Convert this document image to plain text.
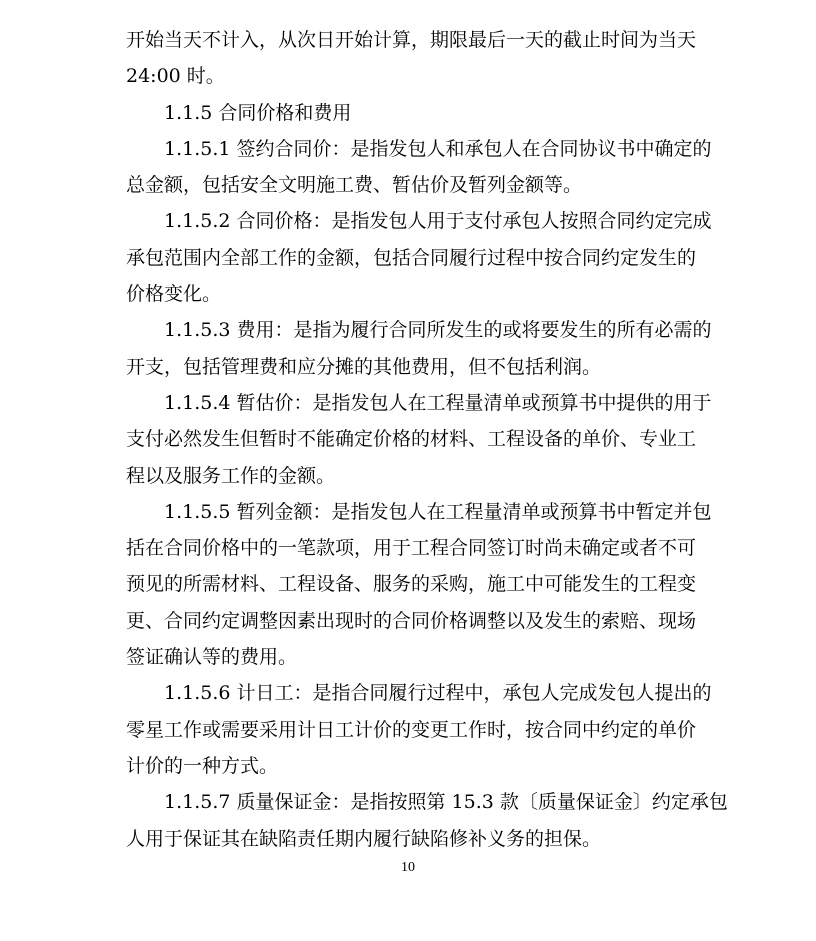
开始当天不计入，从次日开始计算，期限最后一天的截止时间为当天
24:00 时。
1.1.5 合同价格和费用
1.1.5.1 签约合同价：是指发包人和承包人在合同协议书中确定的
总金额，包括安全文明施工费、暂估价及暂列金额等。
1.1.5.2 合同价格：是指发包人用于支付承包人按照合同约定完成
承包范围内全部工作的金额，包括合同履行过程中按合同约定发生的
价格变化。
1.1.5.3 费用：是指为履行合同所发生的或将要发生的所有必需的
开支，包括管理费和应分摊的其他费用，但不包括利润。
1.1.5.4 暂估价：是指发包人在工程量清单或预算书中提供的用于
支付必然发生但暂时不能确定价格的材料、工程设备的单价、专业工
程以及服务工作的金额。
1.1.5.5 暂列金额：是指发包人在工程量清单或预算书中暂定并包
括在合同价格中的一笔款项，用于工程合同签订时尚未确定或者不可
预见的所需材料、工程设备、服务的采购，施工中可能发生的工程变
更、合同约定调整因素出现时的合同价格调整以及发生的索赔、现场
签证确认等的费用。
1.1.5.6 计日工：是指合同履行过程中，承包人完成发包人提出的
零星工作或需要采用计日工计价的变更工作时，按合同中约定的单价
计价的一种方式。
1.1.5.7 质量保证金：是指按照第 15.3 款〔质量保证金〕约定承包
人用于保证其在缺陷责任期内履行缺陷修补义务的担保。
10
